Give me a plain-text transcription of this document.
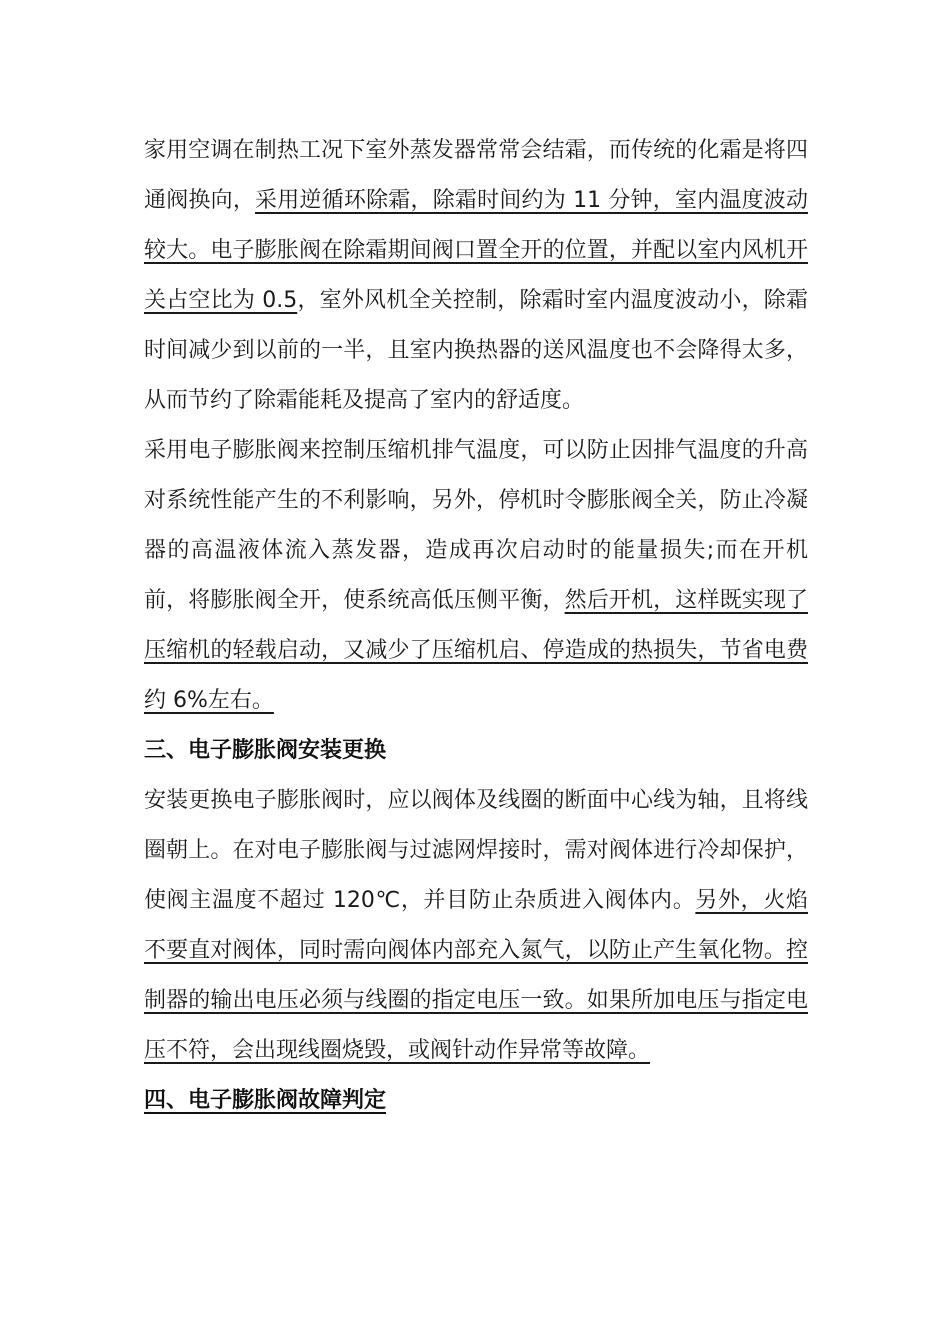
家用空调在制热工况下室外蒸发器常常会结霜，而传统的化霜是将四通阀换向，采用逆循环除霜，除霜时间约为 11 分钟，室内温度波动较大。电子膨胀阀在除霜期间阀口置全开的位置，并配以室内风机开关占空比为 0.5，室外风机全关控制，除霜时室内温度波动小，除霜时间减少到以前的一半，且室内换热器的送风温度也不会降得太多，从而节约了除霜能耗及提高了室内的舒适度。

采用电子膨胀阀来控制压缩机排气温度，可以防止因排气温度的升高对系统性能产生的不利影响，另外，停机时令膨胀阀全关，防止冷凝器的高温液体流入蒸发器，造成再次启动时的能量损失;而在开机前，将膨胀阀全开，使系统高低压侧平衡，然后开机，这样既实现了压缩机的轻载启动，又减少了压缩机启、停造成的热损失，节省电费约 6%左右。

三、电子膨胀阀安装更换

安装更换电子膨胀阀时，应以阀体及线圈的断面中心线为轴，且将线圈朝上。在对电子膨胀阀与过滤网焊接时，需对阀体进行冷却保护，使阀主温度不超过 120℃，并目防止杂质进入阀体内。另外，火焰不要直对阀体，同时需向阀体内部充入氮气，以防止产生氧化物。控制器的输出电压必须与线圈的指定电压一致。如果所加电压与指定电压不符，会出现线圈烧毁，或阀针动作异常等故障。

四、电子膨胀阀故障判定
